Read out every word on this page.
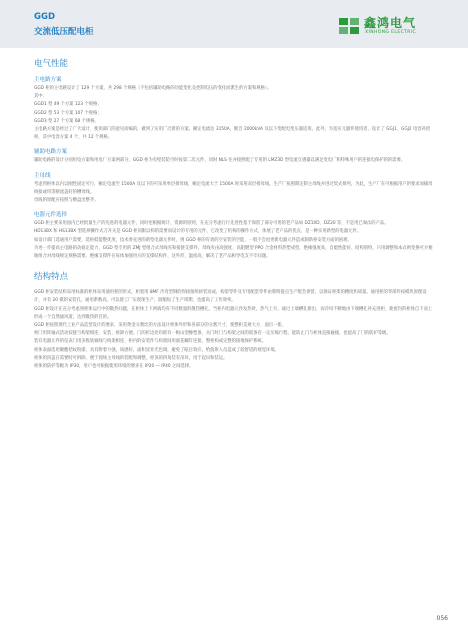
GGD
交流低压配电柜
鑫鸿电气
XINHONG ELECTRIC
电气性能
主电路方案

GGD 柜的主电路设计了 129 个方案，共 298 个规格（不包括辅助电路的功能变化及控制电压的变化而派生的方案和规格）。

其中：

GGD1 型 49 个方案 123 个规格；

GGD2 型 53 个方案 107 个规格；

GGD3 型 27 个方案 68 个规格。

主电路方案是经过了广大设计、使用部门的意见而编的，做到了实用广泛新的方案。额定电流达 3150A，断音 2000kVA 及以下变配电变压器适用。此外，为适应元器件使用者，设计了 GGJ1、GGJ2 电容补偿柜，其中电容方案 4 个，共 12 个规格。

辅助电路方案

辅助电路的设计分别用电方案和用电厂方案两部分，GGD 柜为有壁装防空时按第二次元件，同时 NLS 往并接照配了专用的 LMZ3D 型电流互感器以满足变电厂和特殊用户的连接电保护的的需要。

主母线

考虑到柜体以内以刚性固定可行，额定电流至 1500A 及以下的可采用单层排母线，额定电流大于 1500A 时采用双层排母线。生产厂按照期定制主母线并进过契式排列，为此，生产厂在可根据用户的要求而插母线接或用等断流盖好的槽母线。

母线的原配应按照与横盘出整齐。

电器元件选择

GGD 柜主要采用国内已经批量生产的先进的电器元件，同时也根据统计、资源的原则，在充分考虑行行先进性基于保留了部分可用的老产品如 DZ10D、DZ20 等，不是用已淘汰的产品。

HD13BX 和 HS13BX 型选择操作式刀开关是 GGD 柜同限以构的需要而设计的专用的元件，它改变了机构的操作方式，体展了老产品的优点，是一种实用新型的电器元件。

如设计部门选通用户需要，选柜低能整优度，技术委先进的新型电器元件时，则 GGD 柜的有效的空安装的空能，一般不会因更新电器元件造成制新柜安装方面的困难。

为进一步提高主电路的动稳定能力，GGD 型专用的 ZMJ 型组合式母线夹和接链支撑件。母线夹由高强度、高阻燃型 PPO 合金材料热塑成型，绝缘强度高、自熄性能好、结构别特，只用调整和本式则变换可方便地组合对母线规定规格需要。绝缘支撑件在每体加强用方的支撑结构件，这外形，温度高，解决了老产品相导电支不牢问题。

结构特点

GGD 柜安装结构采用标准的柜体采用通用柜的形式，柜架用 8MF 冷弯型钢的焊接接组拼装而成，构架零件及专用配套零件由那明提点生产配会供货，以保证柜架的精度和质量。通用柜的零部件按模块原理设计，并有 20 模的安装孔，通用系数高，可以使工厂实现预生产，既缩短了生产周期，也提高了工作效率。

GGD 柜设计在充分考虑到柜体运行中的散热问题，在柜体上下两端均有不同数量的散热槽孔，当柜内电器元件发热时，热气上升，通过上端槽孔排出，而冷风不断地由下端槽孔补充进柜，使密封的柜体自下而上形成一个自然通风道，达到散热的目的。

GGD 柜按照现代工业产品造型设计的要求，采用黄金分割比的方法设计柜体外形和各部分的分割尺寸，使整柜美观大方、面目一新。

柜门用转轴式活动铰链与构架相连，安装、拆卸方便。门的折边处均嵌有一根山型橡塑条，关门时门与构架之间的嵌条有一定压缩行程，能防止门与柜体直接碰撞，也提高了门的防护等级。

装有电器元件的仪表门用多股软铜线与构架相连，柜内的安装件与构架间用滚花螺钉连接，整柜构成完整的接地保护系统。

柜体表面选用聚酯桔纹粉漆，具有附着力强，质感好，面积显亚光色调，避免了眩目效应，给值班人员造成了较舒适的视觉环境。

柜体的顶盖在需要时可拆除，便于现场主母线的装配和调整，柜顶的四角装有吊环，用于起吊和装运。

柜体的防护等级为 IP30，用户也可根据使用环境的要求在 IP20 — IP40 之间选择。

056
